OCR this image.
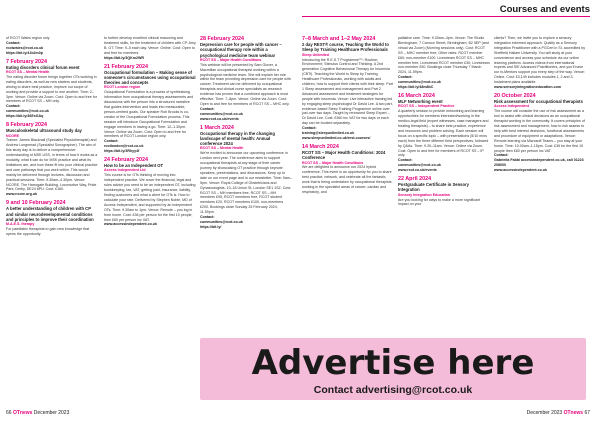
Courses and events
of RCOT Wales region only
Contact:
rcotwales@rcot.co.uk
https://bit.ly/41b2m0p
7 February 2024
Eating disorders clinical forum event
RCOT SS – Mental Health
The eating disorder forum brings together OTs working in eating disorders, as well as new starters and students, aiming to share best practice, improve our scope of working and provide a support to one another. Time: 2–3pm. Venue: Online via Zoom. Cost: Open to and free for members of RCOT SS – MH only.
Contact:
communities@rcot.co.uk
https://bit.ly/46EsGAq
8 February 2024
Musculoskeletal ultrasound study day
NCORE
Trainer: James Blacknall (Specialist Physiotherapist) and Andrew Longmead (Specialist Sonographer). The aim of this study day is to deliver a comprehensive understanding of MSK USS, in terms of how it works as a modality, what it can do for MSK practice and what its limitations are, and how these fit into your clinical practice and care pathways that you work within. This would mainly be delivered through lectures, discussion and practical sessions. Time: 9.30am–4.30pm. Venue: NCORE, The Harrogate Building, Locomotive Way, Pride Park, Derby, DE24 8PU. Cost: £160.
www.ncore.org.uk
9 and 10 February 2024
A better understanding of children with CP and similar neurodevelopmental conditions and principles to improve their coordination
M.A.E.S. therapy
For paediatric therapists to gain new knowledge that opens the opportunity
to further develop excellent clinical reasoning and treatment skills, for the treatment of children with CP. Amy B. OT. Time: 9–5 each day. Venue: Online. Cost: Open to and free for members.
https://bit.ly/3QKm2WR
21 February 2024
Occupational formulation – Making sense of someone's circumstances using occupational theories and concepts
RCOT London region
Occupational Formulation is a process of synthesising information from occupational therapy assessments and discussions with the person into a structured narrative that guides intervention and leads into measurable, person-centred goals. Our speaker Rob Brooks is co-creator of the Occupational Formulation process. This session will introduce Occupational Formulation and engage members in having a go. Time: 12–1.30pm. Venue: Online via Zoom. Cost: Open to and free for members of RCOT London region only.
Contact:
rcotlondon@rcot.co.uk
https://bit.ly/3Rhyy4f
24 February 2024
How to be an Independent OT
Access Independent Ltd
This course is for OTs thinking of moving into independent practice. We cover the financial, legal and rules advice you need to be an independent OT, including bookkeeping, tax, VAT, getting paid, insurance, liability, finding customers and what a client for OTs is. How to calculate your rate. Delivered by Stephen Noble, MD of Access Independent, and supported by an independent OTs. Time: 9.30am to 1pm. Venue: Remote – you log in from home. Cost: £36 per person for the first 10 people, then £60 per person inc VAT.
www.accessindependent.co.uk
28 February 2024
Depression care for people with cancer – occupational therapy role within a psychological medicine team webinar
RCOT SS – Major Health Conditions
This webinar will be presented by Sam Glover, a Macmillan occupational therapist working within a psychological medicine team. She will explain her role within the team providing depression care for people with cancer. Treatment can be delivered by occupational therapists and clinical nurse specialists as research evidence has proven that a combined approach is most effective. Time: 7–8pm. Venue: Online via Zoom. Cost: Open to and free for members of RCOT SS – MHC only.
Contact:
communities@rcot.co.uk
www.rcot.co.uk/events
1 March 2024
Occupational therapy in the changing landscape of mental health: Annual conference 2024
RCOT SS – Mental Health
We're excited to announce our upcoming conference in London next year. The conference aims to support occupational therapists at any stage of their career journey by showcasing OT practice through keynote speakers, presentations, and discussions. Keep up to date on our event page and in our newsletter. Time: 9am–5pm. Venue: Royal College of Obstetricians and Gynaecologists, 10–18 Union St, London SE1 1SZ. Cost: RCOT SS – MH members free, RCOT SS – MH members £95, RCOT members free, RCOT student members £20, RCOT members £100, non-members £200. Bookings close Sunday 25 February 2024, 11.59pm.
Contact:
communities@rcot.co.uk
https://bit.ly/
7–8 March and 1–2 May 2024
2 day REST® course, Teaching the World to Sleep by Training Healthcare Professionals
Sleep Unlimited
Introducing the R.E.S.T Programme™: Routine; Environment; Stimulus Control and Thinking. A 2nd generation Cognitive Behavioural Therapy for Insomnia (CBTi). Teaching the World to Sleep by Training Healthcare Professionals, working with adults and children, how to support their clients with their sleep. Part 1 Sleep assessment and management and Part 2 Advanced assessment and treatment strategies for people with insomnia. Venue: Live interactive training led by engaging sleep psychologist Dr David Lee. A two part, evidence-based Sleep Training Programme online over just over two days. Taught by renowned Sleep Expert – Dr David Lee. Cost: £360 inc VAT for two days or each day can be booked separately.
Contact:
training@sleepunlimited.co.uk
www.sleepunlimited.co.uk/rest-courses/
14 March 2024
RCOT SS – Major Health Conditions: 2024 Conference
RCOT SS – Major Health Conditions
We are delighted to announce our 2024 hybrid conference. This event is an opportunity for you to share best practice, network, and celebrate all the fantastic work that is being undertaken by occupational therapists working in the specialist areas of cancer, cardiac and respiratory, and
palliative care. Time: 9.30am–4pm. Venue: The Studio Birmingham, 7 Cannon Street, Birmingham, B2 5EP (and virtual via Zoom) (Morning sessions only). Cost: RCOT SS – MHC member free, Other rates: RCOT member £60; non-member £100. Livestream RCOT SS – MHC member free, Livestream RCOT member £30; Livestream non-member £50. Bookings close Thursday 7 March 2024, 11.59pm.
Contact:
communities@rcot.co.uk
https://bit.ly/48m8bC
16 March 2024
MLF Networking event
RCOT SS – Independent Practice
A quarterly session to provide networking and learning opportunities for members interested/working in the medico-legal field (expert witnesses, case managers and treating therapists) – to share best practice, experience and resources and problem solving. Each session will focus on a specific topic – with presentations (5/10 mins each) from the three different field perspectives, followed by Q&As. Time: 9.30–11am. Venue: Online via Zoom. Cost: Open to and free for members of RCOT SS – IP only.
Contact:
communities@rcot.co.uk
www.rcot.co.uk/events
22 April 2024
Postgraduate Certificate in Sensory Integration
Sensory Integration Education
Are you looking for ways to make a more significant impact on your
clients? Then, we invite you to explore a sensory integration informed approach. Qualify as a Sensory Integration Practitioner with a PGCert in SI, accredited by Sheffield Hallam University. You will study at your convenience and access your schedule via our online learning platform. Access videos from international experts and SIE Advanced Practitioners, and you'll have our in-Mentors support you every step of the way. Venue: Online. Cost: £3,149 includes modules 1, 2 and 3. Instalment plans available.
www.sensoryintegrationeducation.com
20 October 2024
Risk assessment for occupational therapists
Access Independent
The course will consider the use of risk assessment as a tool to assist with clinical decisions as an occupational therapist working in the community. It covers principles of risk assessment and management, how to risk assess to help with best interest decisions, functional assessments and procedure of equipment or adaptations. Venue: Remote learning via Microsoft Teams – you stay at your home. Time: 10.00am–1.15pm. Cost: £36 for the first 10 people then £60 per person inc VAT.
Contact:
Gabriella Fabbi accessindependent.co.uk, call 01223 208000
www.accessindependent.co.uk
Advertise here
Contact advertising@rcot.co.uk
66 OTnews December 2023	December 2023 OTnews 67
